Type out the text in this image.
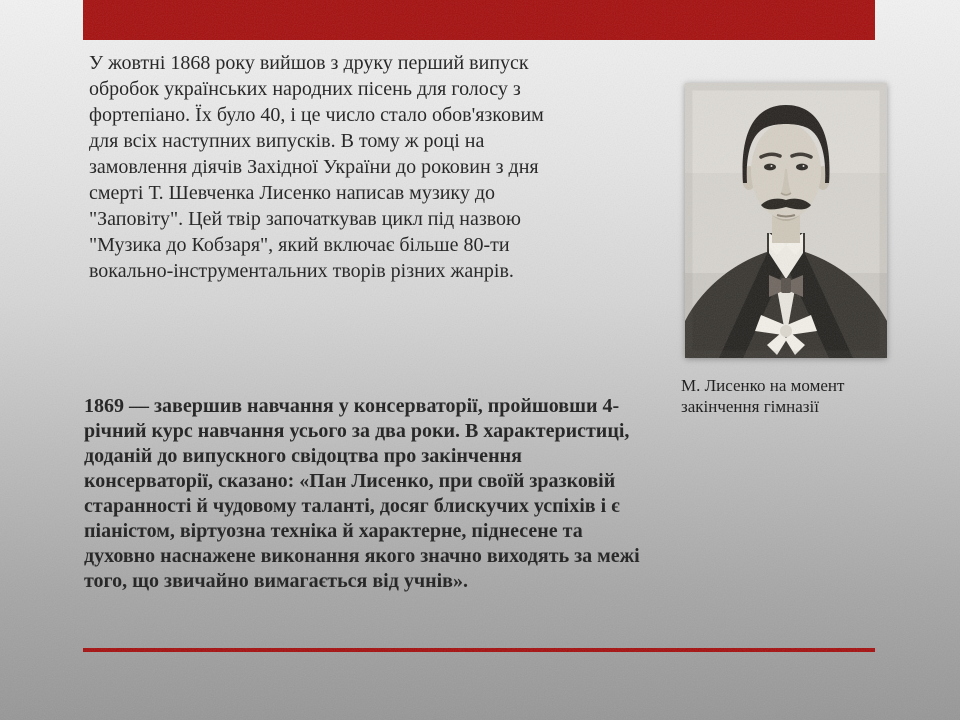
У жовтні 1868 року вийшов з друку перший випуск обробок українських народних пісень для голосу з фортепіано. Їх було 40, і це число стало обов'язковим для всіх наступних випусків. В тому ж році на замовлення діячів Західної України до роковин з дня смерті Т. Шевченка Лисенко написав музику до "Заповіту". Цей твір започаткував цикл під назвою "Музика до Кобзаря", який включає більше 80-ти вокально-інструментальних творів різних жанрів.

М. Лисенко на момент закінчення гімназії

1869 — завершив навчання у консерваторії, пройшовши 4-річний курс навчання усього за два роки. В характеристиці, доданій до випускного свідоцтва про закінчення консерваторії, сказано: «Пан Лисенко, при своїй зразковій старанності й чудовому таланті, досяг блискучих успіхів і є піаністом, віртуозна техніка й характерне, піднесене та духовно наснажене виконання якого значно виходять за межі того, що звичайно вимагається від учнів».
